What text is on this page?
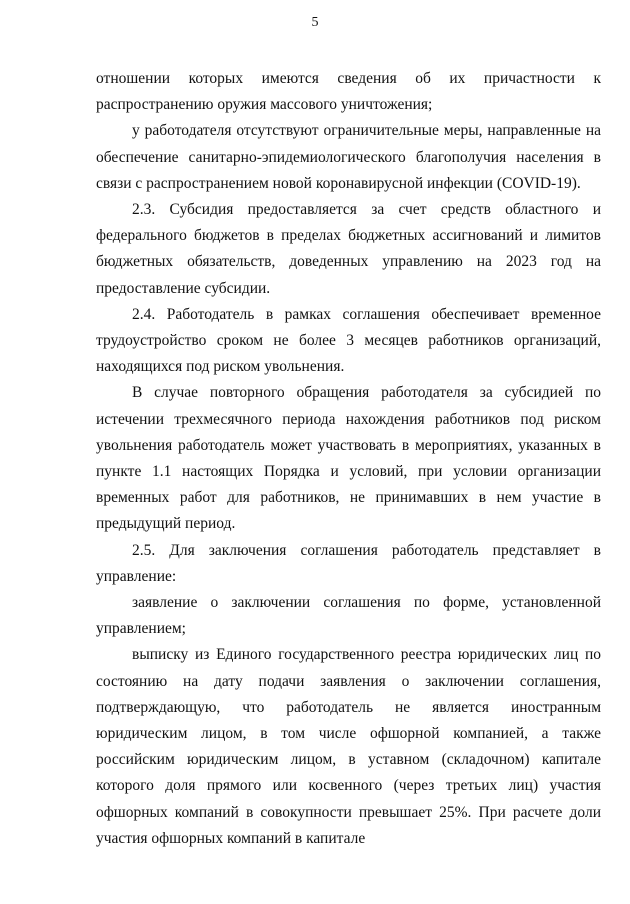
5

отношении которых имеются сведения об их причастности к распространению оружия массового уничтожения;

у работодателя отсутствуют ограничительные меры, направленные на обеспечение санитарно-эпидемиологического благополучия населения в связи с распространением новой коронавирусной инфекции (COVID-19).

2.3. Субсидия предоставляется за счет средств областного и федерального бюджетов в пределах бюджетных ассигнований и лимитов бюджетных обязательств, доведенных управлению на 2023 год на предоставление субсидии.

2.4. Работодатель в рамках соглашения обеспечивает временное трудоустройство сроком не более 3 месяцев работников организаций, находящихся под риском увольнения.

В случае повторного обращения работодателя за субсидией по истечении трехмесячного периода нахождения работников под риском увольнения работодатель может участвовать в мероприятиях, указанных в пункте 1.1 настоящих Порядка и условий, при условии организации временных работ для работников, не принимавших в нем участие в предыдущий период.

2.5. Для заключения соглашения работодатель представляет в управление:

заявление о заключении соглашения по форме, установленной управлением;

выписку из Единого государственного реестра юридических лиц по состоянию на дату подачи заявления о заключении соглашения, подтверждающую, что работодатель не является иностранным юридическим лицом, в том числе офшорной компанией, а также российским юридическим лицом, в уставном (складочном) капитале которого доля прямого или косвенного (через третьих лиц) участия офшорных компаний в совокупности превышает 25%. При расчете доли участия офшорных компаний в капитале
